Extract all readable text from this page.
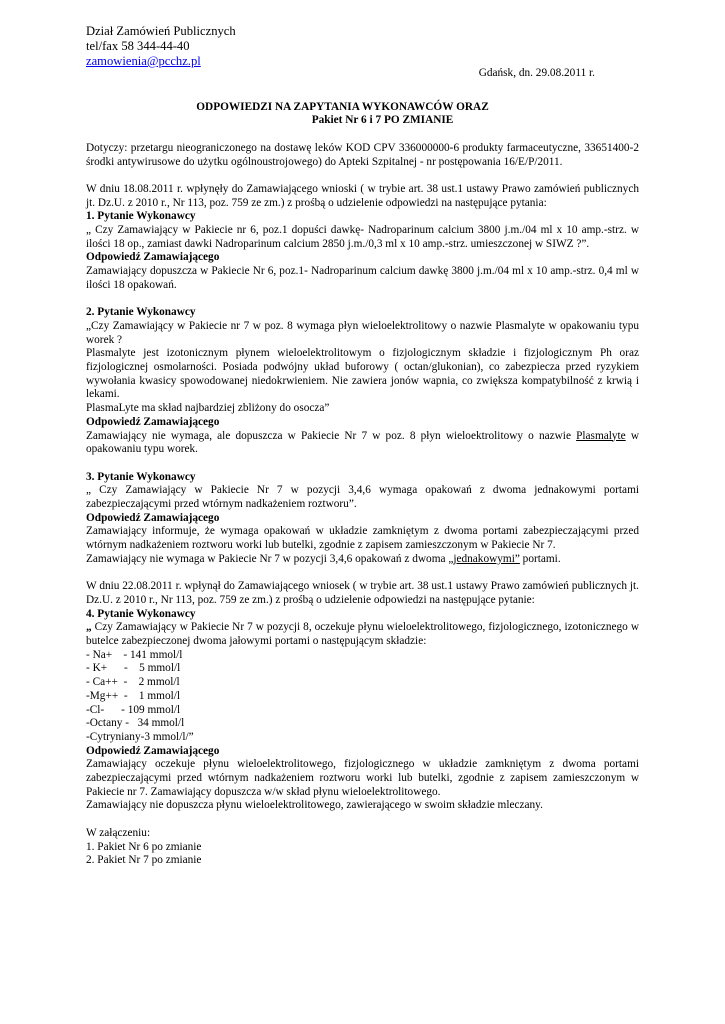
Dział Zamówień Publicznych
tel/fax 58 344-44-40
zamowienia@pcchz.pl
Gdańsk, dn. 29.08.2011 r.
ODPOWIEDZI NA ZAPYTANIA WYKONAWCÓW ORAZ
Pakiet Nr 6 i 7 PO ZMIANIE

Dotyczy: przetargu nieograniczonego na dostawę leków KOD CPV 336000000-6 produkty farmaceutyczne, 33651400-2 środki antywirusowe do użytku ogólnoustrojowego) do Apteki Szpitalnej - nr postępowania 16/E/P/2011.

W dniu 18.08.2011 r. wpłynęły do Zamawiającego wnioski ( w trybie art. 38 ust.1 ustawy Prawo zamówień publicznych jt. Dz.U. z 2010 r., Nr 113, poz. 759 ze zm.) z prośbą o udzielenie odpowiedzi na następujące pytania:

1. Pytanie Wykonawcy

„ Czy Zamawiający w Pakiecie nr 6, poz.1 dopuści dawkę- Nadroparinum calcium 3800 j.m./04 ml x 10 amp.-strz. w ilości 18 op., zamiast dawki Nadroparinum calcium 2850 j.m./0,3 ml x 10 amp.-strz. umieszczonej w SIWZ ?”.

Odpowiedź Zamawiającego

Zamawiający dopuszcza w Pakiecie Nr 6, poz.1- Nadroparinum calcium dawkę 3800 j.m./04 ml x 10 amp.-strz. 0,4 ml w ilości 18 opakowań.

2. Pytanie Wykonawcy

„Czy Zamawiający w Pakiecie nr 7 w poz. 8 wymaga płyn wieloelektrolitowy o nazwie Plasmalyte w opakowaniu typu worek ?

Plasmalyte jest izotonicznym płynem wieloelektrolitowym o fizjologicznym składzie i fizjologicznym Ph oraz fizjologicznej osmolarności. Posiada podwójny układ buforowy ( octan/glukonian), co zabezpiecza przed ryzykiem wywołania kwasicy spowodowanej niedokrwieniem. Nie zawiera jonów wapnia, co zwiększa kompatybilność z krwią i lekami.

PlasmaLyte ma skład najbardziej zbliżony do osocza”

Odpowiedź Zamawiającego

Zamawiający nie wymaga, ale dopuszcza w Pakiecie Nr 7 w poz. 8 płyn wieloektrolitowy o nazwie Plasmalyte w opakowaniu typu worek.

3. Pytanie Wykonawcy

„ Czy Zamawiający w Pakiecie Nr 7 w pozycji 3,4,6 wymaga opakowań z dwoma jednakowymi portami zabezpieczającymi przed wtórnym nadkażeniem roztworu”.

Odpowiedź Zamawiającego

Zamawiający informuje, że wymaga opakowań w układzie zamkniętym z dwoma portami zabezpieczającymi przed wtórnym nadkażeniem roztworu worki lub butelki, zgodnie z zapisem zamieszczonym w Pakiecie Nr 7.

Zamawiający nie wymaga w Pakiecie Nr 7 w pozycji 3,4,6 opakowań z dwoma „jednakowymi” portami.

W dniu 22.08.2011 r. wpłynął do Zamawiającego wniosek ( w trybie art. 38 ust.1 ustawy Prawo zamówień publicznych jt. Dz.U. z 2010 r., Nr 113, poz. 759 ze zm.) z prośbą o udzielenie odpowiedzi na następujące pytanie:

4. Pytanie Wykonawcy

„ Czy Zamawiający w Pakiecie Nr 7 w pozycji 8, oczekuje płynu wieloelektrolitowego, fizjologicznego, izotonicznego w butelce zabezpieczonej dwoma jałowymi portami o następującym składzie:

- Na+    - 141 mmol/l
- K+      -    5 mmol/l
- Ca++  -    2 mmol/l
-Mg++  -    1 mmol/l
-Cl-      - 109 mmol/l
-Octany -   34 mmol/l
-Cytryniany-3 mmol/l/”
Odpowiedź Zamawiającego

Zamawiający oczekuje płynu wieloelektrolitowego, fizjologicznego w układzie zamkniętym z dwoma portami zabezpieczającymi przed wtórnym nadkażeniem roztworu worki lub butelki, zgodnie z zapisem zamieszczonym w Pakiecie nr 7. Zamawiający dopuszcza w/w skład płynu wieloelektrolitowego.

Zamawiający nie dopuszcza płynu wieloelektrolitowego, zawierającego w swoim składzie mleczany.

W załączeniu:
1. Pakiet Nr 6 po zmianie
2. Pakiet Nr 7 po zmianie
